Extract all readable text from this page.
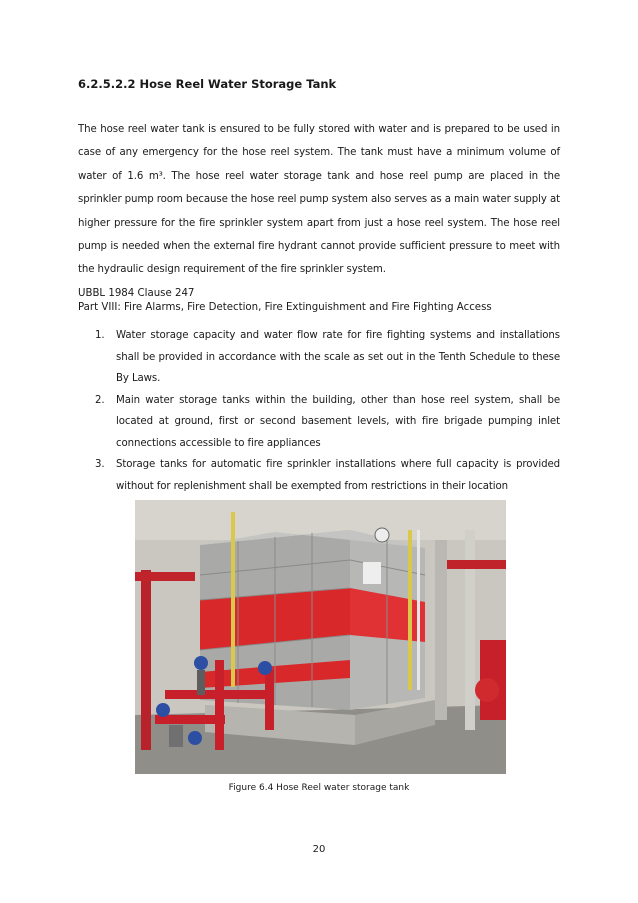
6.2.5.2.2 Hose Reel Water Storage Tank
The hose reel water tank is ensured to be fully stored with water and is prepared to be used in case of any emergency for the hose reel system. The tank must have a minimum volume of water of 1.6 m³. The hose reel water storage tank and hose reel pump are placed in the sprinkler pump room because the hose reel pump system also serves as a main water supply at higher pressure for the fire sprinkler system apart from just a hose reel system. The hose reel pump is needed when the external fire hydrant cannot provide sufficient pressure to meet with the hydraulic design requirement of the fire sprinkler system.
UBBL 1984 Clause 247
Part VIII: Fire Alarms, Fire Detection, Fire Extinguishment and Fire Fighting Access
1. Water storage capacity and water flow rate for fire fighting systems and installations shall be provided in accordance with the scale as set out in the Tenth Schedule to these By Laws.
2. Main water storage tanks within the building, other than hose reel system, shall be located at ground, first or second basement levels, with fire brigade pumping inlet connections accessible to fire appliances
3. Storage tanks for automatic fire sprinkler installations where full capacity is provided without for replenishment shall be exempted from restrictions in their location
Figure 6.4 Hose Reel water storage tank
20
